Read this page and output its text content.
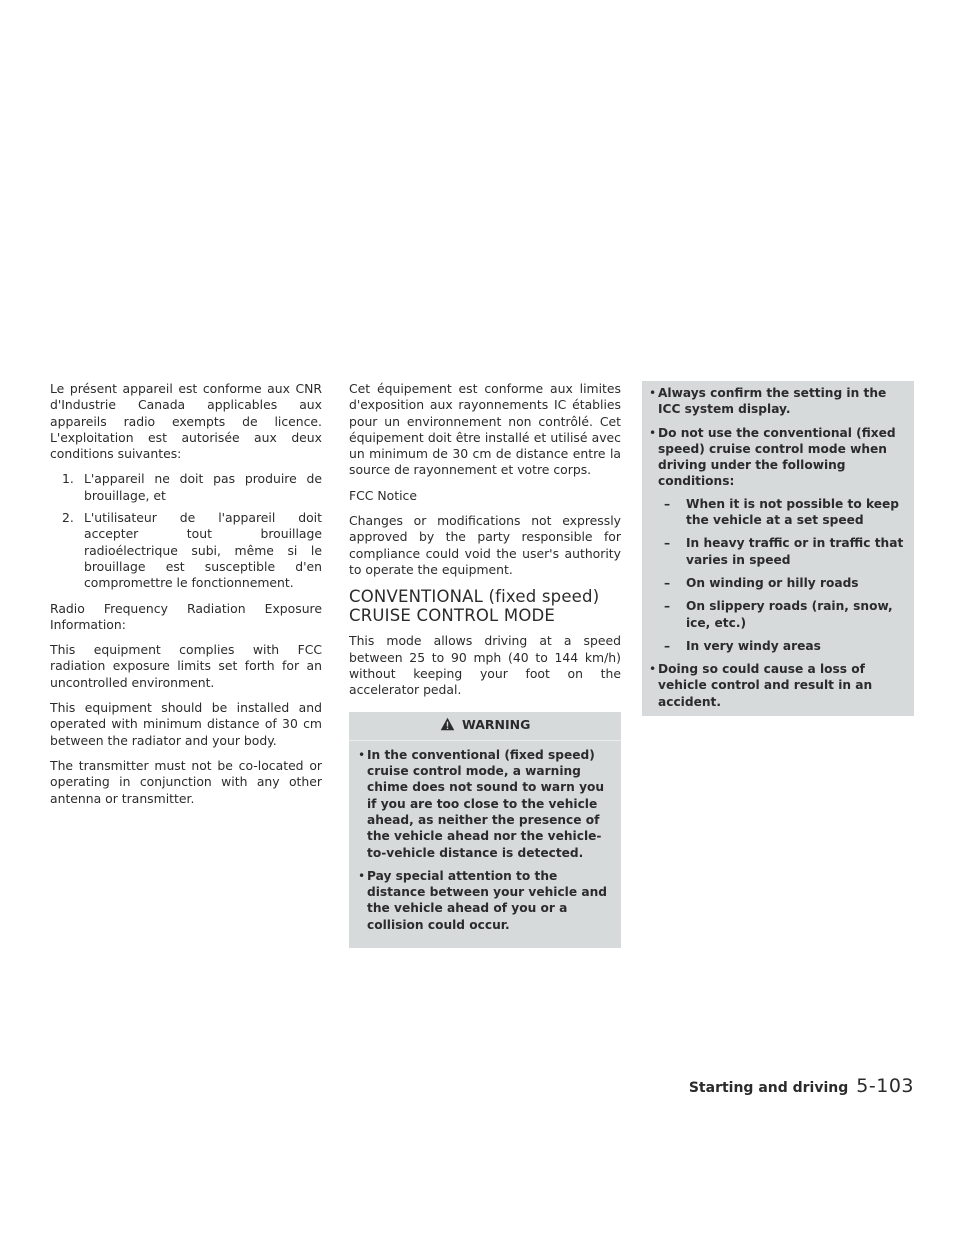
Le présent appareil est conforme aux CNR d'Industrie Canada applicables aux appareils radio exempts de licence. L'exploitation est autorisée aux deux conditions suivantes:

1. L'appareil ne doit pas produire de brouillage, et
2. L'utilisateur de l'appareil doit accepter tout brouillage radioélectrique subi, même si le brouillage est susceptible d'en compromettre le fonctionnement.

Radio Frequency Radiation Exposure Information:

This equipment complies with FCC radiation exposure limits set forth for an uncontrolled environment.

This equipment should be installed and operated with minimum distance of 30 cm between the radiator and your body.

The transmitter must not be co-located or operating in conjunction with any other antenna or transmitter.

Cet équipement est conforme aux limites d'exposition aux rayonnements IC établies pour un environnement non contrôlé. Cet équipement doit être installé et utilisé avec un minimum de 30 cm de distance entre la source de rayonnement et votre corps.

FCC Notice

Changes or modifications not expressly approved by the party responsible for compliance could void the user's authority to operate the equipment.

CONVENTIONAL (fixed speed)
CRUISE CONTROL MODE

This mode allows driving at a speed between 25 to 90 mph (40 to 144 km/h) without keeping your foot on the accelerator pedal.

WARNING
• In the conventional (fixed speed) cruise control mode, a warning chime does not sound to warn you if you are too close to the vehicle ahead, as neither the presence of the vehicle ahead nor the vehicle-to-vehicle distance is detected.
• Pay special attention to the distance between your vehicle and the vehicle ahead of you or a collision could occur.
• Always confirm the setting in the ICC system display.
• Do not use the conventional (fixed speed) cruise control mode when driving under the following conditions:
– When it is not possible to keep the vehicle at a set speed
– In heavy traffic or in traffic that varies in speed
– On winding or hilly roads
– On slippery roads (rain, snow, ice, etc.)
– In very windy areas
• Doing so could cause a loss of vehicle control and result in an accident.
Starting and driving 5-103
